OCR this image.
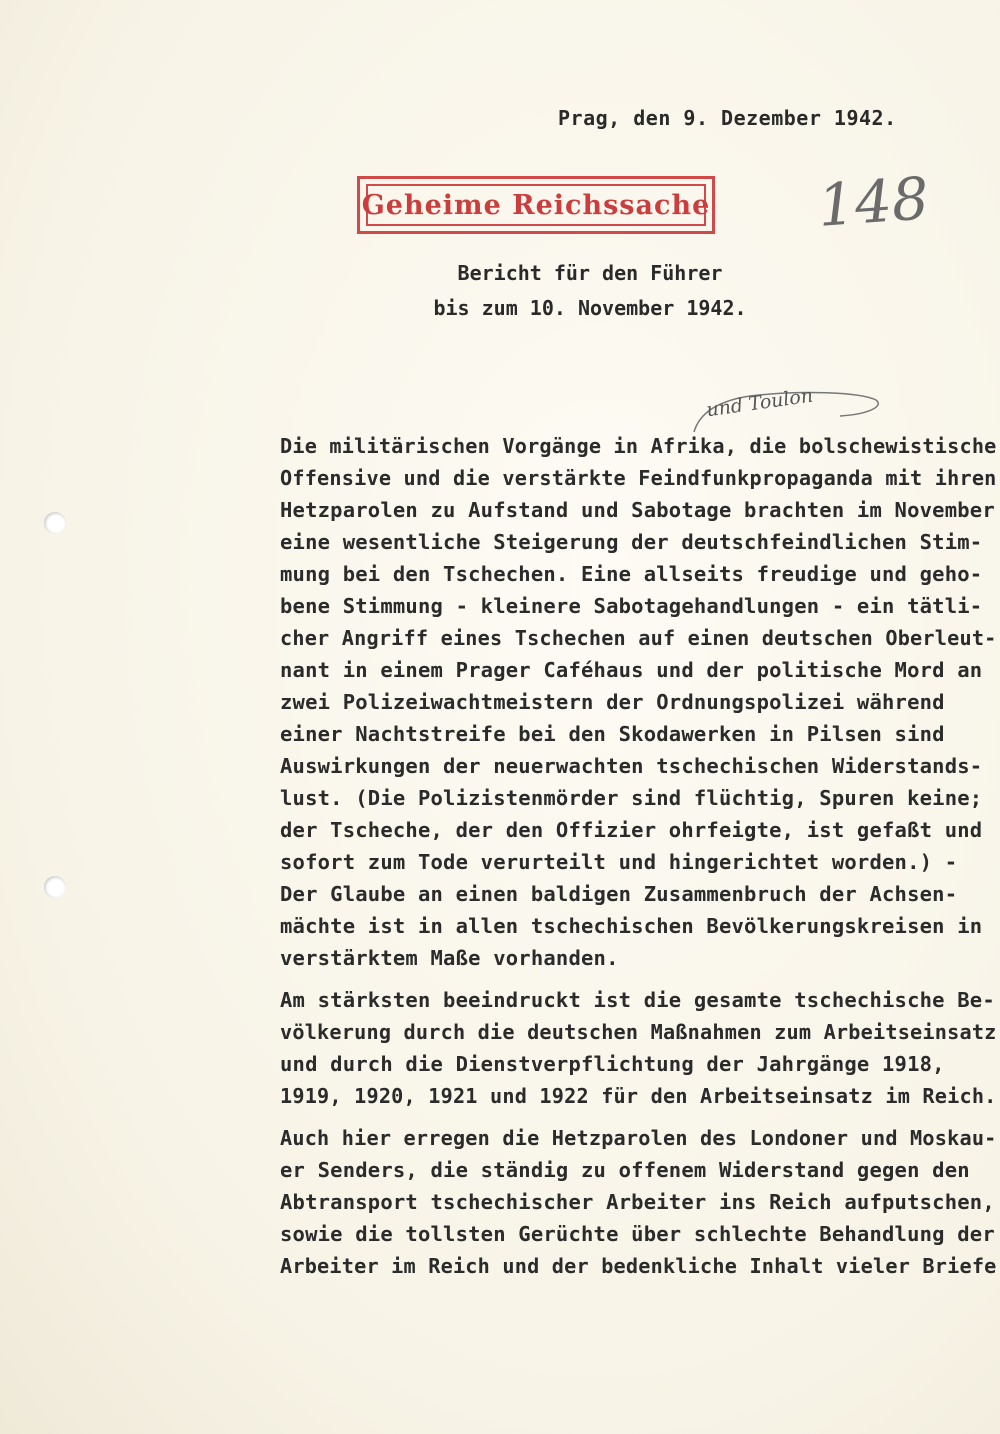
Prag, den 9. Dezember 1942.
Geheime Reichssache 148
Bericht für den Führer
bis zum 10. November 1942.
und Toulon
Die militärischen Vorgänge in Afrika, die bolschewistische
Offensive und die verstärkte Feindfunkpropaganda mit ihren
Hetzparolen zu Aufstand und Sabotage brachten im November
eine wesentliche Steigerung der deutschfeindlichen Stim-
mung bei den Tschechen. Eine allseits freudige und geho-
bene Stimmung - kleinere Sabotagehandlungen - ein tätli-
cher Angriff eines Tschechen auf einen deutschen Oberleut-
nant in einem Prager Caféhaus und der politische Mord an
zwei Polizeiwachtmeistern der Ordnungspolizei während
einer Nachtstreife bei den Skodawerken in Pilsen sind
Auswirkungen der neuerwachten tschechischen Widerstands-
lust. (Die Polizistenmörder sind flüchtig, Spuren keine;
der Tscheche, der den Offizier ohrfeigte, ist gefaßt und
sofort zum Tode verurteilt und hingerichtet worden.) -
Der Glaube an einen baldigen Zusammenbruch der Achsen-
mächte ist in allen tschechischen Bevölkerungskreisen in
verstärktem Maße vorhanden.
Am stärksten beeindruckt ist die gesamte tschechische Be-
völkerung durch die deutschen Maßnahmen zum Arbeitseinsatz
und durch die Dienstverpflichtung der Jahrgänge 1918,
1919, 1920, 1921 und 1922 für den Arbeitseinsatz im Reich.
Auch hier erregen die Hetzparolen des Londoner und Moskau-
er Senders, die ständig zu offenem Widerstand gegen den
Abtransport tschechischer Arbeiter ins Reich aufputschen,
sowie die tollsten Gerüchte über schlechte Behandlung der
Arbeiter im Reich und der bedenkliche Inhalt vieler Briefe
